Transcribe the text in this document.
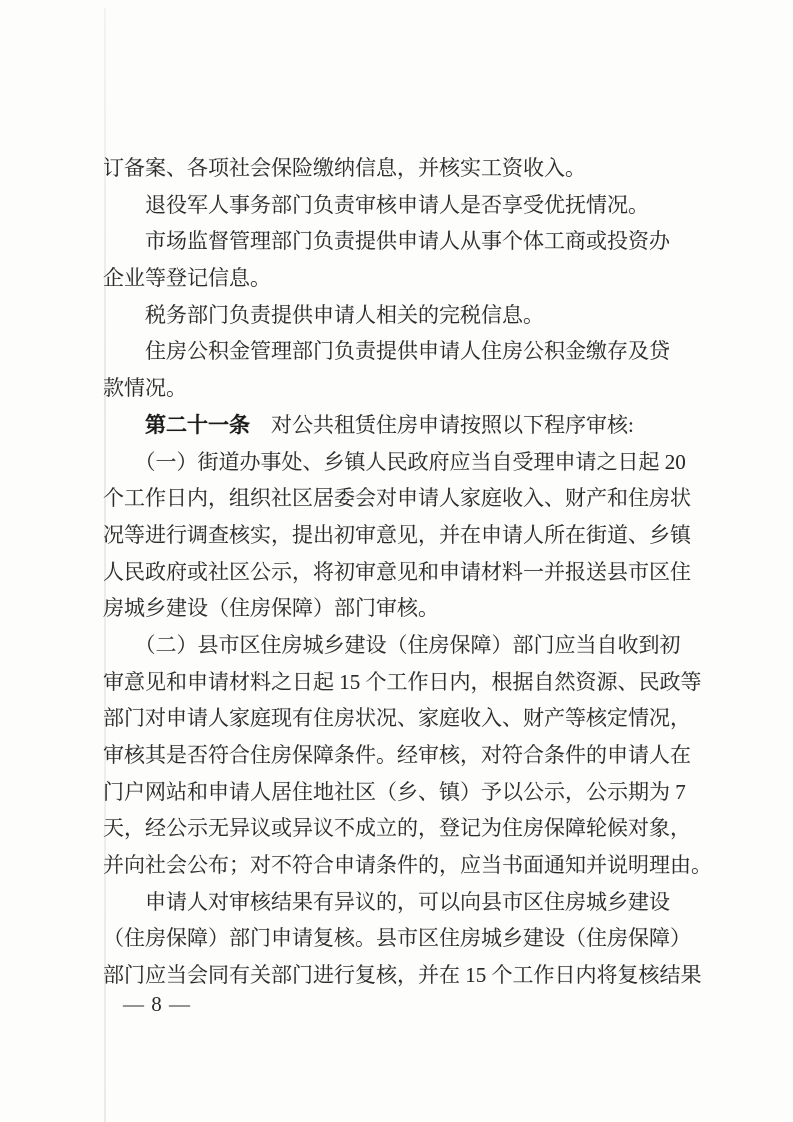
订备案、各项社会保险缴纳信息，并核实工资收入。
　　退役军人事务部门负责审核申请人是否享受优抚情况。
　　市场监督管理部门负责提供申请人从事个体工商或投资办
企业等登记信息。
　　税务部门负责提供申请人相关的完税信息。
　　住房公积金管理部门负责提供申请人住房公积金缴存及贷
款情况。
　　第二十一条　对公共租赁住房申请按照以下程序审核:
　　（一）街道办事处、乡镇人民政府应当自受理申请之日起 20
个工作日内，组织社区居委会对申请人家庭收入、财产和住房状
况等进行调查核实，提出初审意见，并在申请人所在街道、乡镇
人民政府或社区公示，将初审意见和申请材料一并报送县市区住
房城乡建设（住房保障）部门审核。
　　（二）县市区住房城乡建设（住房保障）部门应当自收到初
审意见和申请材料之日起 15 个工作日内，根据自然资源、民政等
部门对申请人家庭现有住房状况、家庭收入、财产等核定情况，
审核其是否符合住房保障条件。经审核，对符合条件的申请人在
门户网站和申请人居住地社区（乡、镇）予以公示，公示期为 7
天，经公示无异议或异议不成立的，登记为住房保障轮候对象，
并向社会公布；对不符合申请条件的，应当书面通知并说明理由。
　　申请人对审核结果有异议的，可以向县市区住房城乡建设
（住房保障）部门申请复核。县市区住房城乡建设（住房保障）
部门应当会同有关部门进行复核，并在 15 个工作日内将复核结果
— 8 —
